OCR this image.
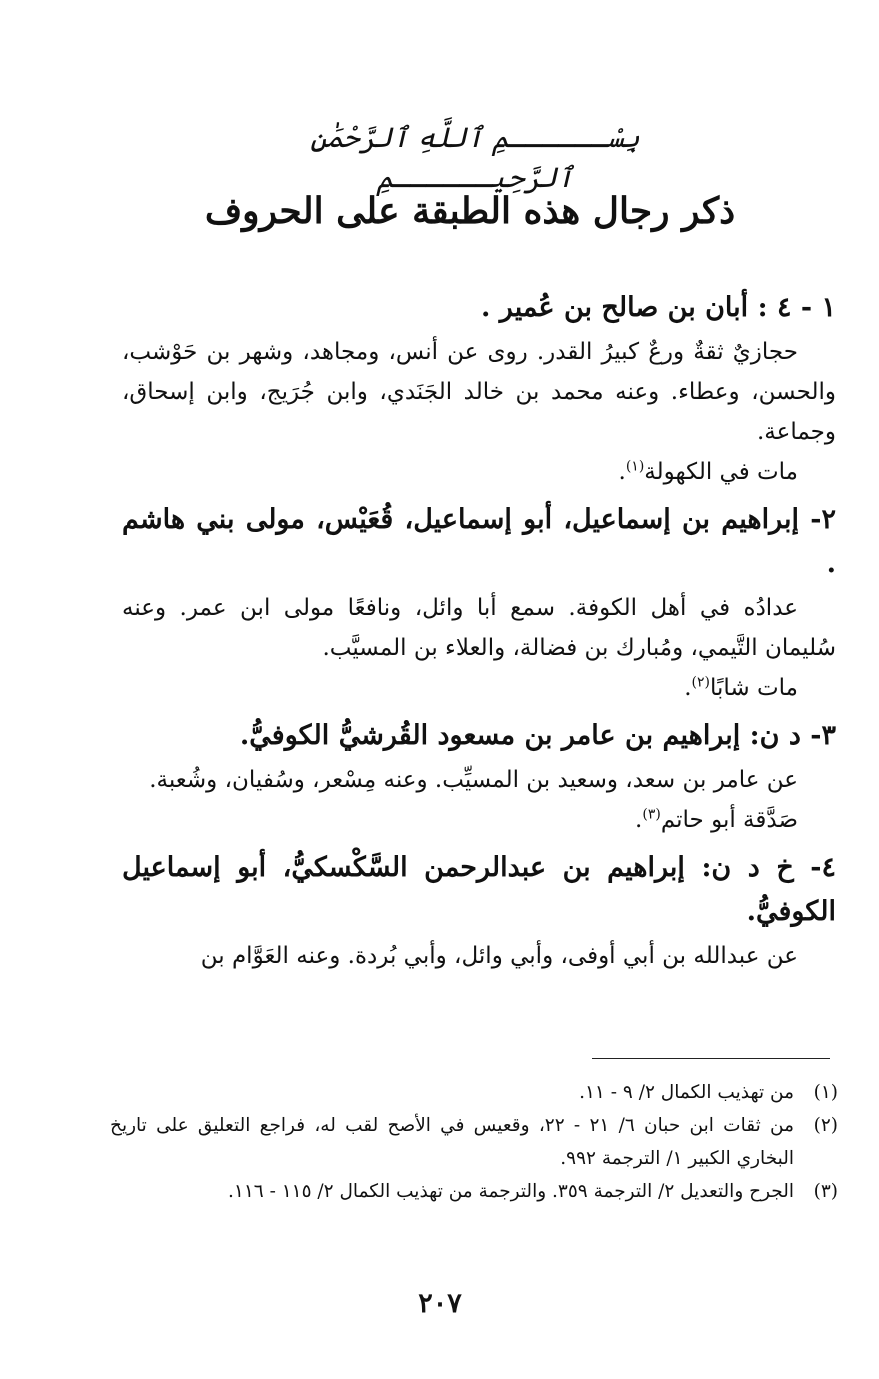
بِسْــــــمِ ٱللَّهِ ٱلرَّحْمَٰنِ ٱلرَّحِيــــــمِ
ذكر رجال هذه الطبقة على الحروف
١ - ٤ : أبان بن صالح بن عُمير .

حجازيٌ ثقةٌ ورعٌ كبيرُ القدر. روى عن أنس، ومجاهد، وشهر بن حَوْشب، والحسن، وعطاء. وعنه محمد بن خالد الجَنَدي، وابن جُرَيج، وابن إسحاق، وجماعة.

مات في الكهولة$^{(١)}$.

٢- إبراهيم بن إسماعيل، أبو إسماعيل، قُعَيْس، مولى بني هاشم .

عدادُه في أهل الكوفة. سمع أبا وائل، ونافعًا مولى ابن عمر. وعنه سُليمان التَّيمي، ومُبارك بن فضالة، والعلاء بن المسيَّب.

مات شابًا$^{(٢)}$.

٣- د ن: إبراهيم بن عامر بن مسعود القُرشيُّ الكوفيُّ.

عن عامر بن سعد، وسعيد بن المسيِّب. وعنه مِسْعر، وسُفيان، وشُعبة.

صَدَّقة أبو حاتم$^{(٣)}$.

٤- خ د ن: إبراهيم بن عبدالرحمن السَّكْسكيُّ، أبو إسماعيل الكوفيُّ.

عن عبدالله بن أبي أوفى، وأبي وائل، وأبي بُردة. وعنه العَوَّام بن

(١)
من تهذيب الكمال ٢/ ٩ - ١١.
(٢)
من ثقات ابن حبان ٦/ ٢١ - ٢٢، وقعيس في الأصح لقب له، فراجع التعليق على تاريخ البخاري الكبير ١/ الترجمة ٩٩٢.
(٣)
الجرح والتعديل ٢/ الترجمة ٣٥٩. والترجمة من تهذيب الكمال ٢/ ١١٥ - ١١٦.
٢٠٧
